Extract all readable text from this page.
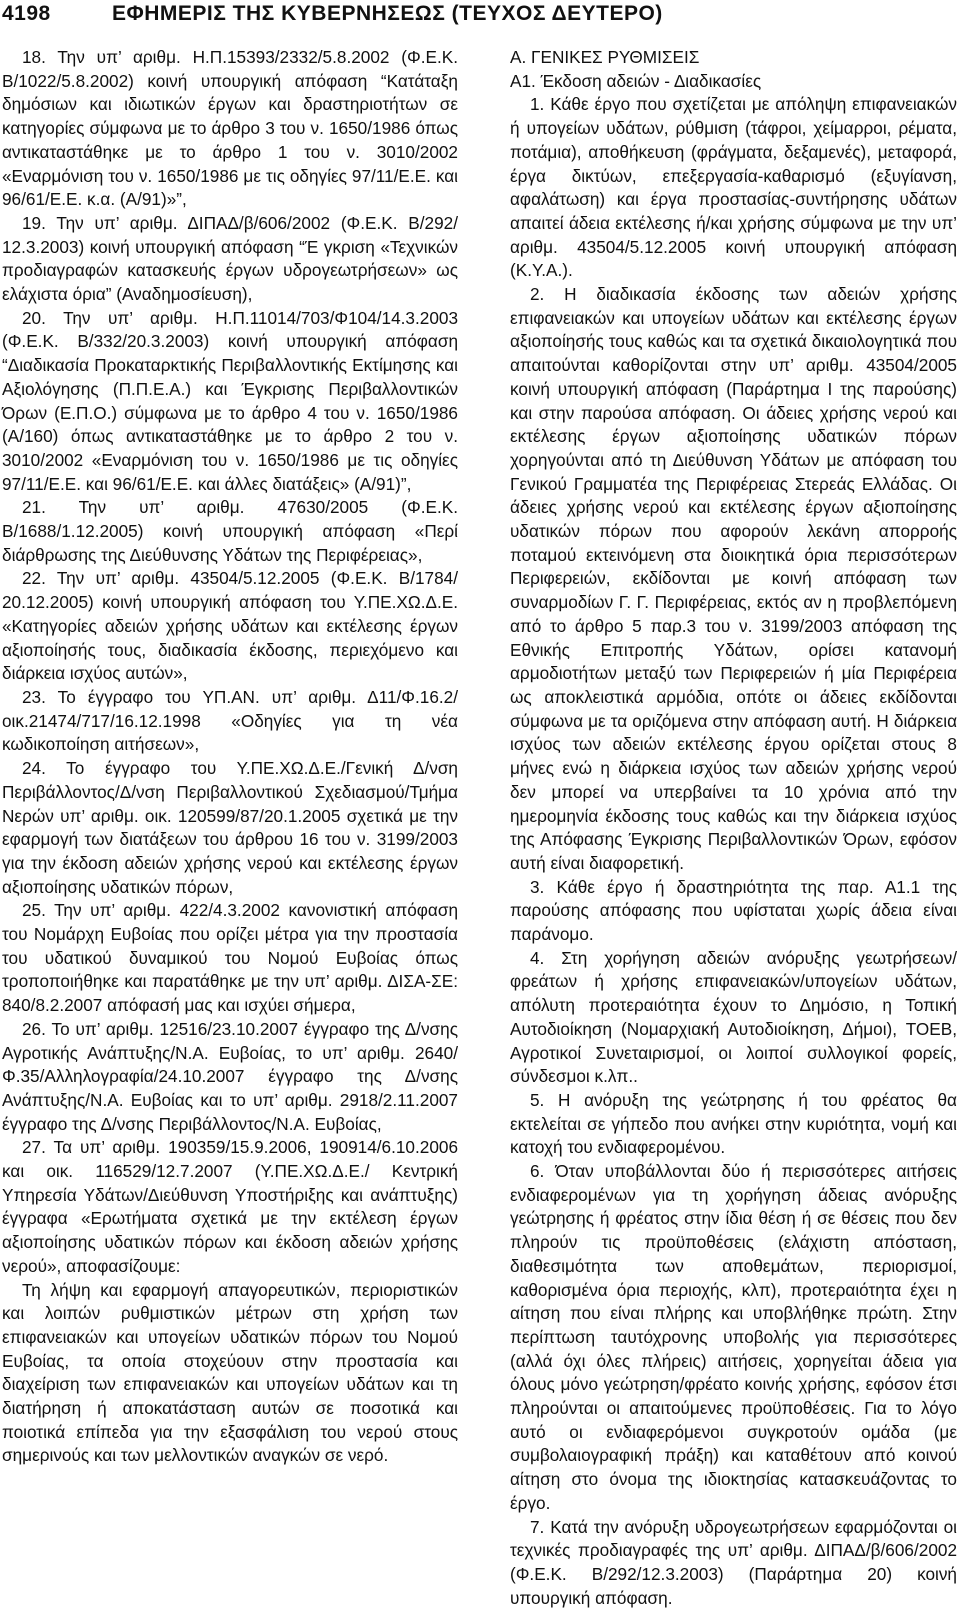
4198	ΕΦΗΜΕΡΙΣ ΤΗΣ ΚΥΒΕΡΝΗΣΕΩΣ (ΤΕΥΧΟΣ ΔΕΥΤΕΡΟ)

18. Την υπ’ αριθμ. Η.Π.15393/2332/5.8.2002 (Φ.Ε.Κ. Β/1022/5.8.2002) κοινή υπουργική απόφαση “Κατάταξη δημόσιων και ιδιωτικών έργων και δραστηριοτήτων σε κατηγορίες σύμφωνα με το άρθρο 3 του ν. 1650/1986 όπως αντικαταστάθηκε με το άρθρο 1 του ν. 3010/2002 «Εναρμόνιση του ν. 1650/1986 με τις οδηγίες 97/11/Ε.Ε. και 96/61/Ε.Ε. κ.α. (Α/91)»”,

19. Την υπ’ αριθμ. ΔΙΠΑΔ/β/606/2002 (Φ.Ε.Κ. Β/292/ 12.3.2003) κοινή υπουργική απόφαση “Έ γκριση «Τεχνικών προδιαγραφών κατασκευής έργων υδρογεωτρήσεων» ως ελάχιστα όρια” (Αναδημοσίευση),

20. Την υπ’ αριθμ. Η.Π.11014/703/Φ104/14.3.2003 (Φ.Ε.Κ. Β/332/20.3.2003) κοινή υπουργική απόφαση “Διαδικασία Προκαταρκτικής Περιβαλλοντικής Εκτίμησης και Αξιολόγησης (Π.Π.Ε.Α.) και Έγκρισης Περιβαλλοντικών Όρων (Ε.Π.Ο.) σύμφωνα με το άρθρο 4 του ν. 1650/1986 (Α/160) όπως αντικαταστάθηκε με το άρθρο 2 του ν. 3010/2002 «Εναρμόνιση του ν. 1650/1986 με τις οδηγίες 97/11/Ε.Ε. και 96/61/Ε.Ε. και άλλες διατάξεις» (Α/91)”,

21. Την υπ’ αριθμ. 47630/2005 (Φ.Ε.Κ. Β/1688/1.12.2005) κοινή υπουργική απόφαση «Περί διάρθρωσης της Διεύθυνσης Υδάτων της Περιφέρειας»,

22. Την υπ’ αριθμ. 43504/5.12.2005 (Φ.Ε.Κ. Β/1784/ 20.12.2005) κοινή υπουργική απόφαση του Υ.ΠΕ.ΧΩ.Δ.Ε. «Κατηγορίες αδειών χρήσης υδάτων και εκτέλεσης έργων αξιοποίησής τους, διαδικασία έκδοσης, περιεχόμενο και διάρκεια ισχύος αυτών»,

23. Το έγγραφο του ΥΠ.ΑΝ. υπ’ αριθμ. Δ11/Φ.16.2/ οικ.21474/717/16.12.1998 «Οδηγίες για τη νέα κωδικοποίηση αιτήσεων»,

24. Το έγγραφο του Υ.ΠΕ.ΧΩ.Δ.Ε./Γενική Δ/νση Περιβάλλοντος/Δ/νση Περιβαλλοντικού Σχεδιασμού/Τμήμα Νερών υπ’ αριθμ. οικ. 120599/87/20.1.2005 σχετικά με την εφαρμογή των διατάξεων του άρθρου 16 του ν. 3199/2003 για την έκδοση αδειών χρήσης νερού και εκτέλεσης έργων αξιοποίησης υδατικών πόρων,

25. Την υπ’ αριθμ. 422/4.3.2002 κανονιστική απόφαση του Νομάρχη Ευβοίας που ορίζει μέτρα για την προστασία του υδατικού δυναμικού του Νομού Ευβοίας όπως τροποποιήθηκε και παρατάθηκε με την υπ’ αριθμ. ΔΙΣΑ-ΣΕ: 840/8.2.2007 απόφασή μας και ισχύει σήμερα,

26. Το υπ’ αριθμ. 12516/23.10.2007 έγγραφο της Δ/νσης Αγροτικής Ανάπτυξης/Ν.Α. Ευβοίας, το υπ’ αριθμ. 2640/ Φ.35/Αλληλογραφία/24.10.2007 έγγραφο της Δ/νσης Ανάπτυξης/Ν.Α. Ευβοίας και το υπ’ αριθμ. 2918/2.11.2007 έγγραφο της Δ/νσης Περιβάλλοντος/Ν.Α. Ευβοίας,

27. Τα υπ’ αριθμ. 190359/15.9.2006, 190914/6.10.2006 και οικ. 116529/12.7.2007 (Υ.ΠΕ.ΧΩ.Δ.Ε./ Κεντρική Υπηρεσία Υδάτων/Διεύθυνση Υποστήριξης και ανάπτυξης) έγγραφα «Ερωτήματα σχετικά με την εκτέλεση έργων αξιοποίησης υδατικών πόρων και έκδοση αδειών χρήσης νερού», αποφασίζουμε:

Τη λήψη και εφαρμογή απαγορευτικών, περιοριστικών και λοιπών ρυθμιστικών μέτρων στη χρήση των επιφανειακών και υπογείων υδατικών πόρων του Νομού Ευβοίας, τα οποία στοχεύουν στην προστασία και διαχείριση των επιφανειακών και υπογείων υδάτων και τη διατήρηση ή αποκατάσταση αυτών σε ποσοτικά και ποιοτικά επίπεδα για την εξασφάλιση του νερού στους σημερινούς και των μελλοντικών αναγκών σε νερό.

Α. ΓΕΝΙΚΕΣ ΡΥΘΜΙΣΕΙΣ

Α1. Έκδοση αδειών - Διαδικασίες

1. Κάθε έργο που σχετίζεται με απόληψη επιφανειακών ή υπογείων υδάτων, ρύθμιση (τάφροι, χείμαρροι, ρέματα, ποτάμια), αποθήκευση (φράγματα, δεξαμενές), μεταφορά, έργα δικτύων, επεξεργασία-καθαρισμό (εξυγίανση, αφαλάτωση) και έργα προστασίας-συντήρησης υδάτων απαιτεί άδεια εκτέλεσης ή/και χρήσης σύμφωνα με την υπ’ αριθμ. 43504/5.12.2005 κοινή υπουργική απόφαση (Κ.Υ.Α.).

2. Η διαδικασία έκδοσης των αδειών χρήσης επιφανειακών και υπογείων υδάτων και εκτέλεσης έργων αξιοποίησής τους καθώς και τα σχετικά δικαιολογητικά που απαιτούνται καθορίζονται στην υπ’ αριθμ. 43504/2005 κοινή υπουργική απόφαση (Παράρτημα Ι της παρούσης) και στην παρούσα απόφαση. Οι άδειες χρήσης νερού και εκτέλεσης έργων αξιοποίησης υδατικών πόρων χορηγούνται από τη Διεύθυνση Υδάτων με απόφαση του Γενικού Γραμματέα της Περιφέρειας Στερεάς Ελλάδας. Οι άδειες χρήσης νερού και εκτέλεσης έργων αξιοποίησης υδατικών πόρων που αφορούν λεκάνη απορροής ποταμού εκτεινόμενη στα διοικητικά όρια περισσότερων Περιφερειών, εκδίδονται με κοινή απόφαση των συναρμοδίων Γ. Γ. Περιφέρειας, εκτός αν η προβλεπόμενη από το άρθρο 5 παρ.3 του ν. 3199/2003 απόφαση της Εθνικής Επιτροπής Υδάτων, ορίσει κατανομή αρμοδιοτήτων μεταξύ των Περιφερειών ή μία Περιφέρεια ως αποκλειστικά αρμόδια, οπότε οι άδειες εκδίδονται σύμφωνα με τα οριζόμενα στην απόφαση αυτή. Η διάρκεια ισχύος των αδειών εκτέλεσης έργου ορίζεται στους 8 μήνες ενώ η διάρκεια ισχύος των αδειών χρήσης νερού δεν μπορεί να υπερβαίνει τα 10 χρόνια από την ημερομηνία έκδοσης τους καθώς και την διάρκεια ισχύος της Απόφασης Έγκρισης Περιβαλλοντικών Όρων, εφόσον αυτή είναι διαφορετική.

3. Κάθε έργο ή δραστηριότητα της παρ. Α1.1 της παρούσης απόφασης που υφίσταται χωρίς άδεια είναι παράνομο.

4. Στη χορήγηση αδειών ανόρυξης γεωτρήσεων/φρεάτων ή χρήσης επιφανειακών/υπογείων υδάτων, απόλυτη προτεραιότητα έχουν το Δημόσιο, η Τοπική Αυτοδιοίκηση (Νομαρχιακή Αυτοδιοίκηση, Δήμοι), ΤΟΕΒ, Αγροτικοί Συνεταιρισμοί, οι λοιποί συλλογικοί φορείς, σύνδεσμοι κ.λπ..

5. Η ανόρυξη της γεώτρησης ή του φρέατος θα εκτελείται σε γήπεδο που ανήκει στην κυριότητα, νομή και κατοχή του ενδιαφερομένου.

6. Όταν υποβάλλονται δύο ή περισσότερες αιτήσεις ενδιαφερομένων για τη χορήγηση άδειας ανόρυξης γεώτρησης ή φρέατος στην ίδια θέση ή σε θέσεις που δεν πληρούν τις προϋποθέσεις (ελάχιστη απόσταση, διαθεσιμότητα των αποθεμάτων, περιορισμοί, καθορισμένα όρια περιοχής, κλπ), προτεραιότητα έχει η αίτηση που είναι πλήρης και υποβλήθηκε πρώτη. Στην περίπτωση ταυτόχρονης υποβολής για περισσότερες (αλλά όχι όλες πλήρεις) αιτήσεις, χορηγείται άδεια για όλους μόνο γεώτρηση/φρέατο κοινής χρήσης, εφόσον έτσι πληρούνται οι απαιτούμενες προϋποθέσεις. Για το λόγο αυτό οι ενδιαφερόμενοι συγκροτούν ομάδα (με συμβολαιογραφική πράξη) και καταθέτουν από κοινού αίτηση στο όνομα της ιδιοκτησίας κατασκευάζοντας το έργο.

7. Κατά την ανόρυξη υδρογεωτρήσεων εφαρμόζονται οι τεχνικές προδιαγραφές της υπ’ αριθμ. ΔΙΠΑΔ/β/606/2002 (Φ.Ε.Κ. Β/292/12.3.2003) (Παράρτημα 20) κοινή υπουργική απόφαση.
